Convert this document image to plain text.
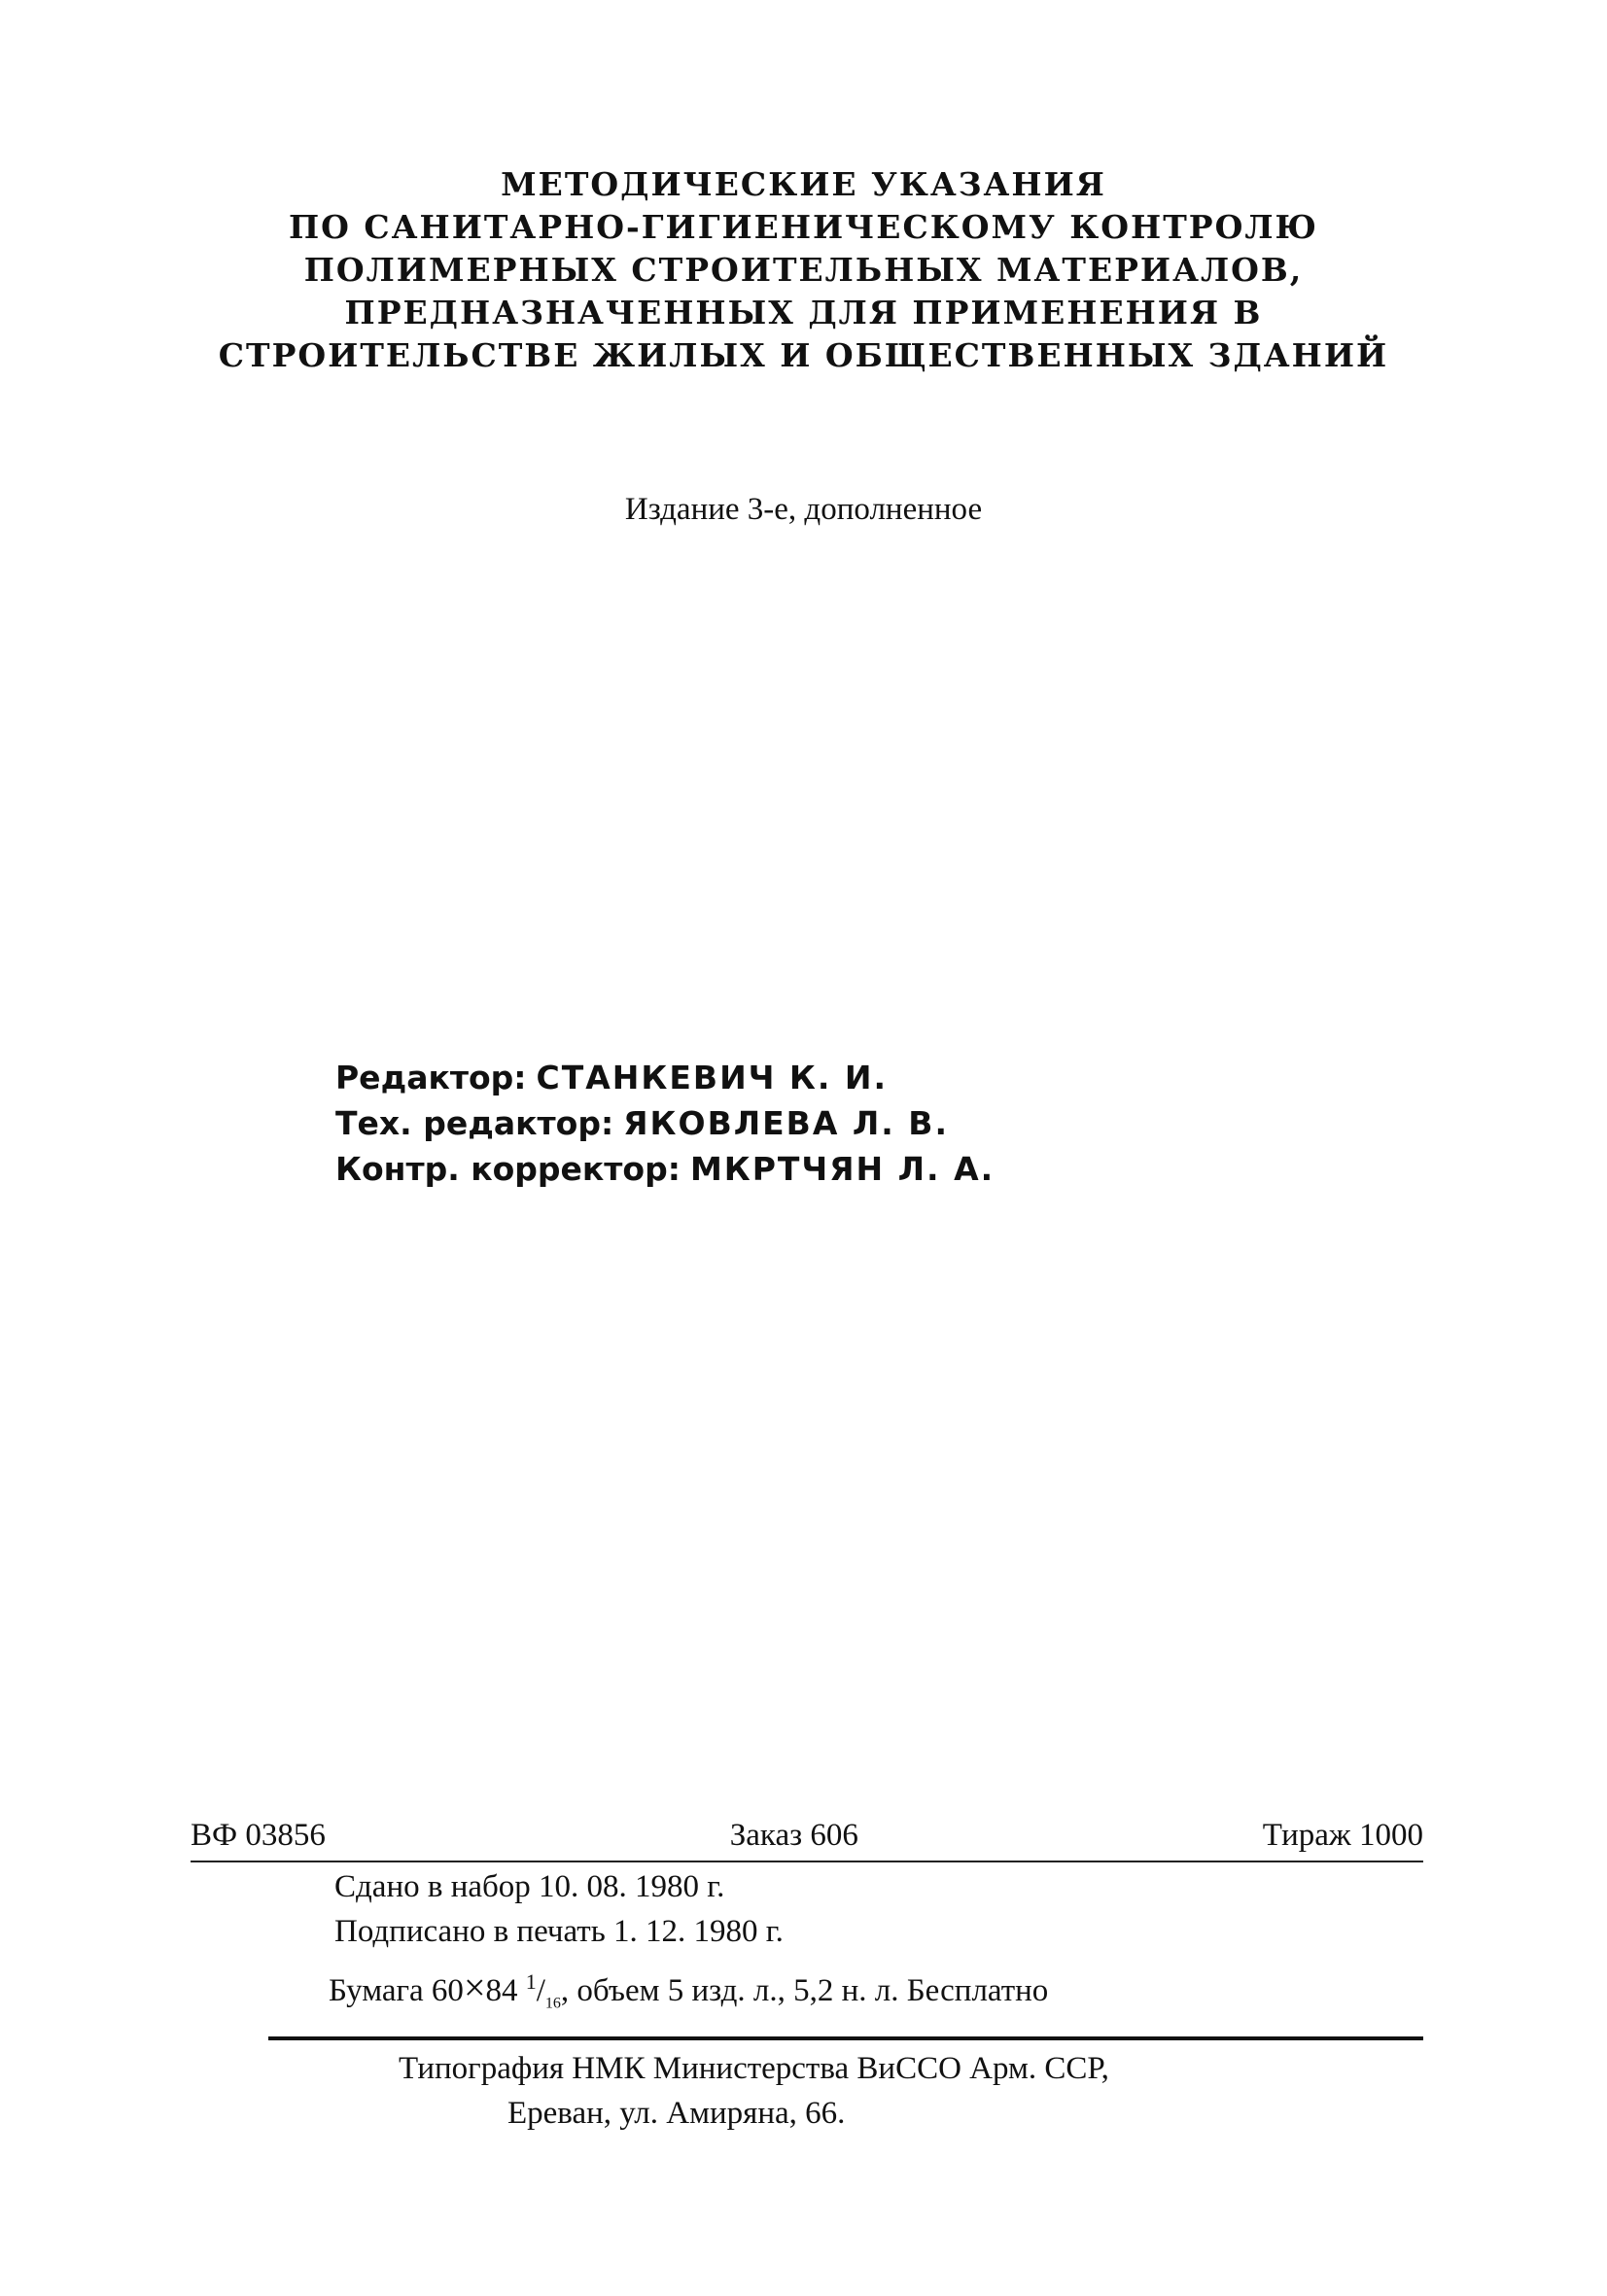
МЕТОДИЧЕСКИЕ УКАЗАНИЯ
ПО САНИТАРНО-ГИГИЕНИЧЕСКОМУ КОНТРОЛЮ
ПОЛИМЕРНЫХ СТРОИТЕЛЬНЫХ МАТЕРИАЛОВ,
ПРЕДНАЗНАЧЕННЫХ ДЛЯ ПРИМЕНЕНИЯ В
СТРОИТЕЛЬСТВЕ ЖИЛЫХ И ОБЩЕСТВЕННЫХ ЗДАНИЙ
Издание 3-е, дополненное
Редактор: СТАНКЕВИЧ К. И.
Тех. редактор: ЯКОВЛЕВА Л. В.
Контр. корректор: МКРТЧЯН Л. А.
ВФ 03856	Заказ 606	Тираж 1000
Сдано в набор 10. 08. 1980 г.
Подписано в печать 1. 12. 1980 г.
Бумага 60×84 $^1/_{16}$, объем 5 изд. л., 5,2 н. л. Бесплатно
Типография НМК Министерства ВиССО Арм. ССР,
Ереван, ул. Амиряна, 66.
